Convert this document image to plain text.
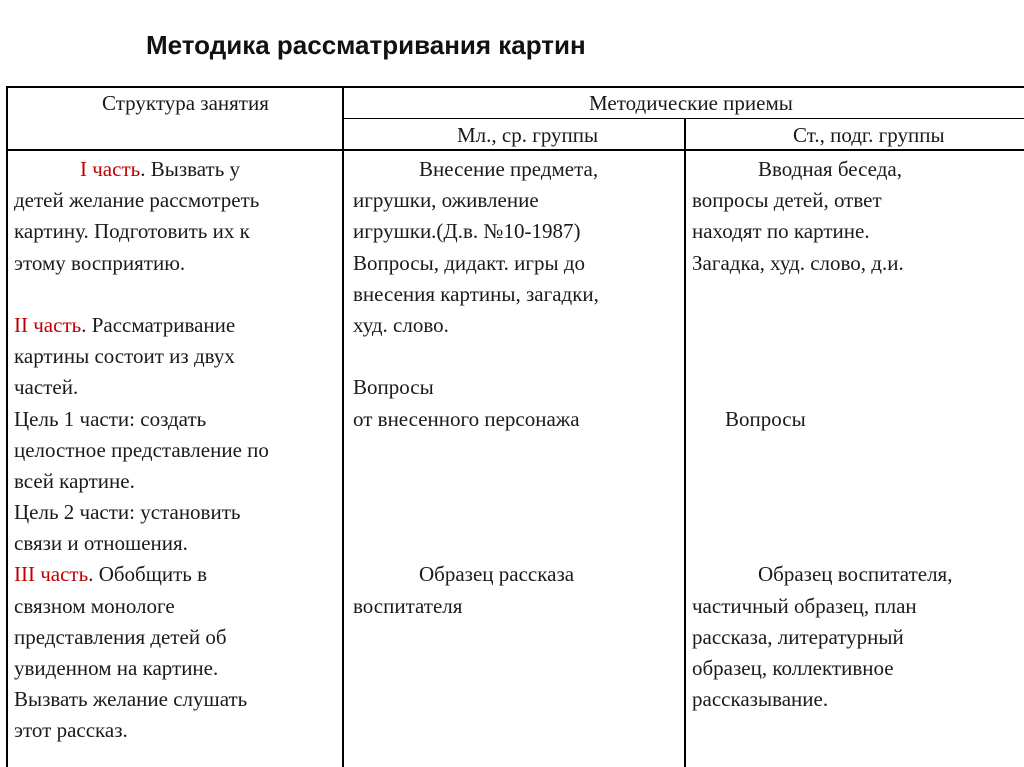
Методика рассматривания картин
Структура занятия	Методические приемы
Мл., ср. группы	Ст., подг. группы
I часть. Вызвать у
детей желание рассмотреть
картину. Подготовить их к
этому восприятию.
II часть. Рассматривание
картины состоит из двух
частей.
Цель 1 части: создать
целостное представление по
всей картине.
Цель 2 части: установить
связи и отношения.
III часть. Обобщить в
связном монологе
представления детей об
увиденном на картине.
Вызвать желание слушать
этот рассказ.
Внесение предмета,
игрушки, оживление
игрушки.(Д.в. №10-1987)
Вопросы, дидакт. игры до
внесения картины, загадки,
худ. слово.
Вопросы
от внесенного персонажа
Образец рассказа
воспитателя
Вводная беседа,
вопросы детей, ответ
находят по картине.
Загадка, худ. слово, д.и.
Вопросы
Образец воспитателя,
частичный образец, план
рассказа, литературный
образец, коллективное
рассказывание.
